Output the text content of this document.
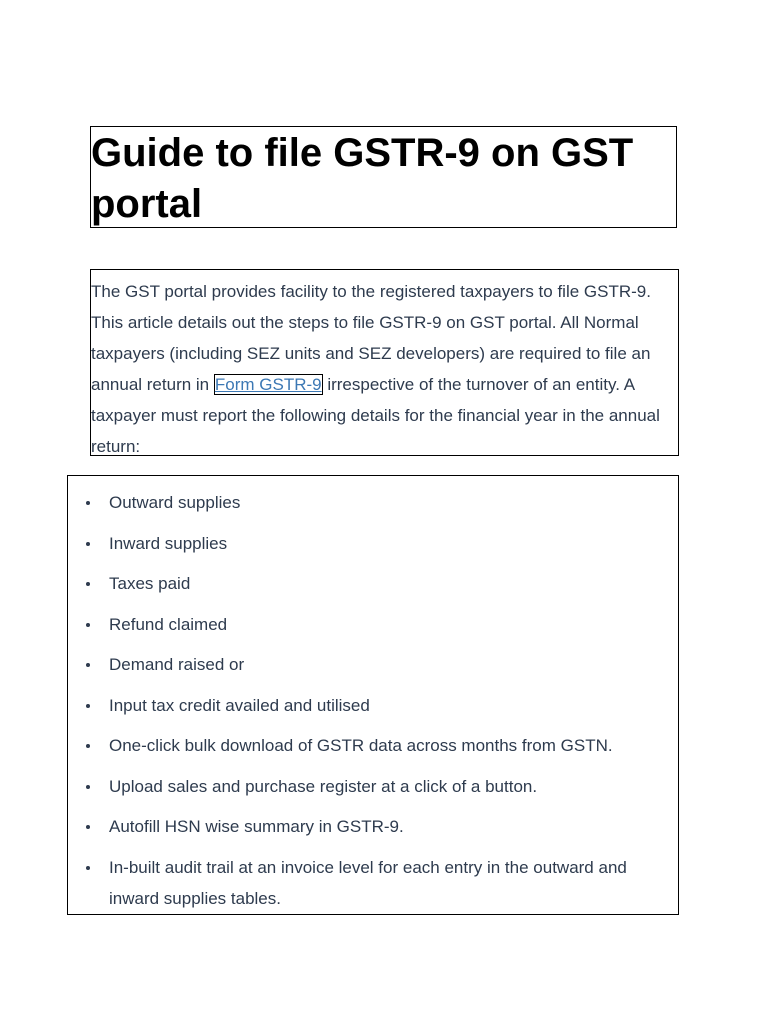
Guide to file GSTR-9 on GST portal

The GST portal provides facility to the registered taxpayers to file GSTR-9. This article details out the steps to file GSTR-9 on GST portal. All Normal taxpayers (including SEZ units and SEZ developers) are required to file an annual return in Form GSTR-9 irrespective of the turnover of an entity. A taxpayer must report the following details for the financial year in the annual return:

Outward supplies
Inward supplies
Taxes paid
Refund claimed
Demand raised or
Input tax credit availed and utilised
One-click bulk download of GSTR data across months from GSTN.
Upload sales and purchase register at a click of a button.
Autofill HSN wise summary in GSTR-9.
In-built audit trail at an invoice level for each entry in the outward and inward supplies tables.
